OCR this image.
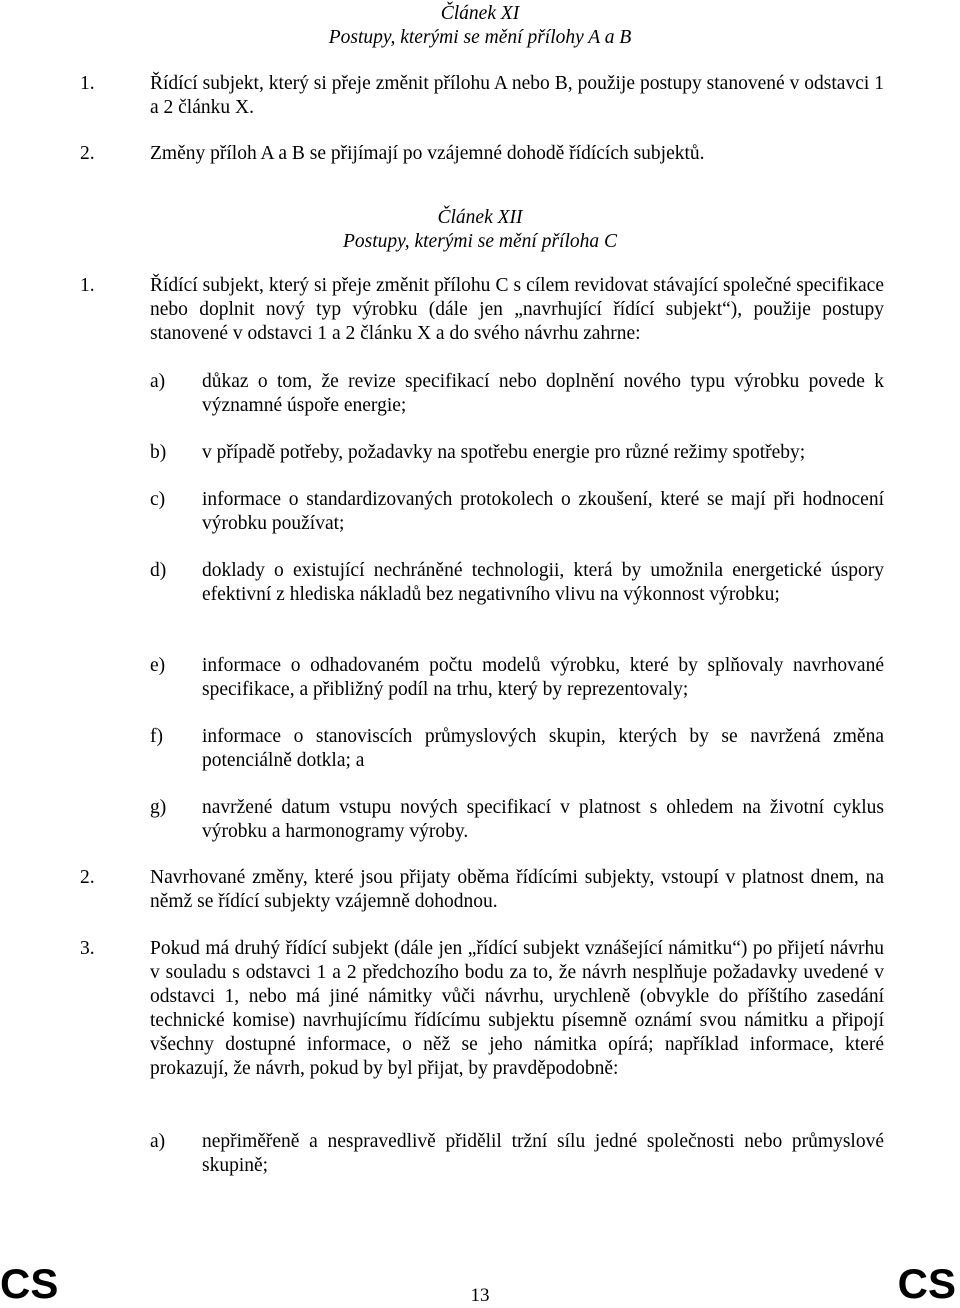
Článek XI
Postupy, kterými se mění přílohy A a B
1.	Řídící subjekt, který si přeje změnit přílohu A nebo B, použije postupy stanovené v odstavci 1 a 2 článku X.
2.	Změny příloh A a B se přijímají po vzájemné dohodě řídících subjektů.
Článek XII
Postupy, kterými se mění příloha C
1.	Řídící subjekt, který si přeje změnit přílohu C s cílem revidovat stávající společné specifikace nebo doplnit nový typ výrobku (dále jen „navrhující řídící subjekt“), použije postupy stanovené v odstavci 1 a 2 článku X a do svého návrhu zahrne:
a) důkaz o tom, že revize specifikací nebo doplnění nového typu výrobku povede k významné úspoře energie;
b) v případě potřeby, požadavky na spotřebu energie pro různé režimy spotřeby;
c) informace o standardizovaných protokolech o zkoušení, které se mají při hodnocení výrobku používat;
d) doklady o existující nechráněné technologii, která by umožnila energetické úspory efektivní z hlediska nákladů bez negativního vlivu na výkonnost výrobku;
e) informace o odhadovaném počtu modelů výrobku, které by splňovaly navrhované specifikace, a přibližný podíl na trhu, který by reprezentovaly;
f) informace o stanoviscích průmyslových skupin, kterých by se navržená změna potenciálně dotkla; a
g) navržené datum vstupu nových specifikací v platnost s ohledem na životní cyklus výrobku a harmonogramy výroby.
2.	Navrhované změny, které jsou přijaty oběma řídícími subjekty, vstoupí v platnost dnem, na němž se řídící subjekty vzájemně dohodnou.
3.	Pokud má druhý řídící subjekt (dále jen „řídící subjekt vznášející námitku“) po přijetí návrhu v souladu s odstavci 1 a 2 předchozího bodu za to, že návrh nesplňuje požadavky uvedené v odstavci 1, nebo má jiné námitky vůči návrhu, urychleně (obvykle do příštího zasedání technické komise) navrhujícímu řídícímu subjektu písemně oznámí svou námitku a připojí všechny dostupné informace, o něž se jeho námitka opírá; například informace, které prokazují, že návrh, pokud by byl přijat, by pravděpodobně:
a) nepřiměřeně a nespravedlivě přidělil tržní sílu jedné společnosti nebo průmyslové skupině;
CS	13	CS
